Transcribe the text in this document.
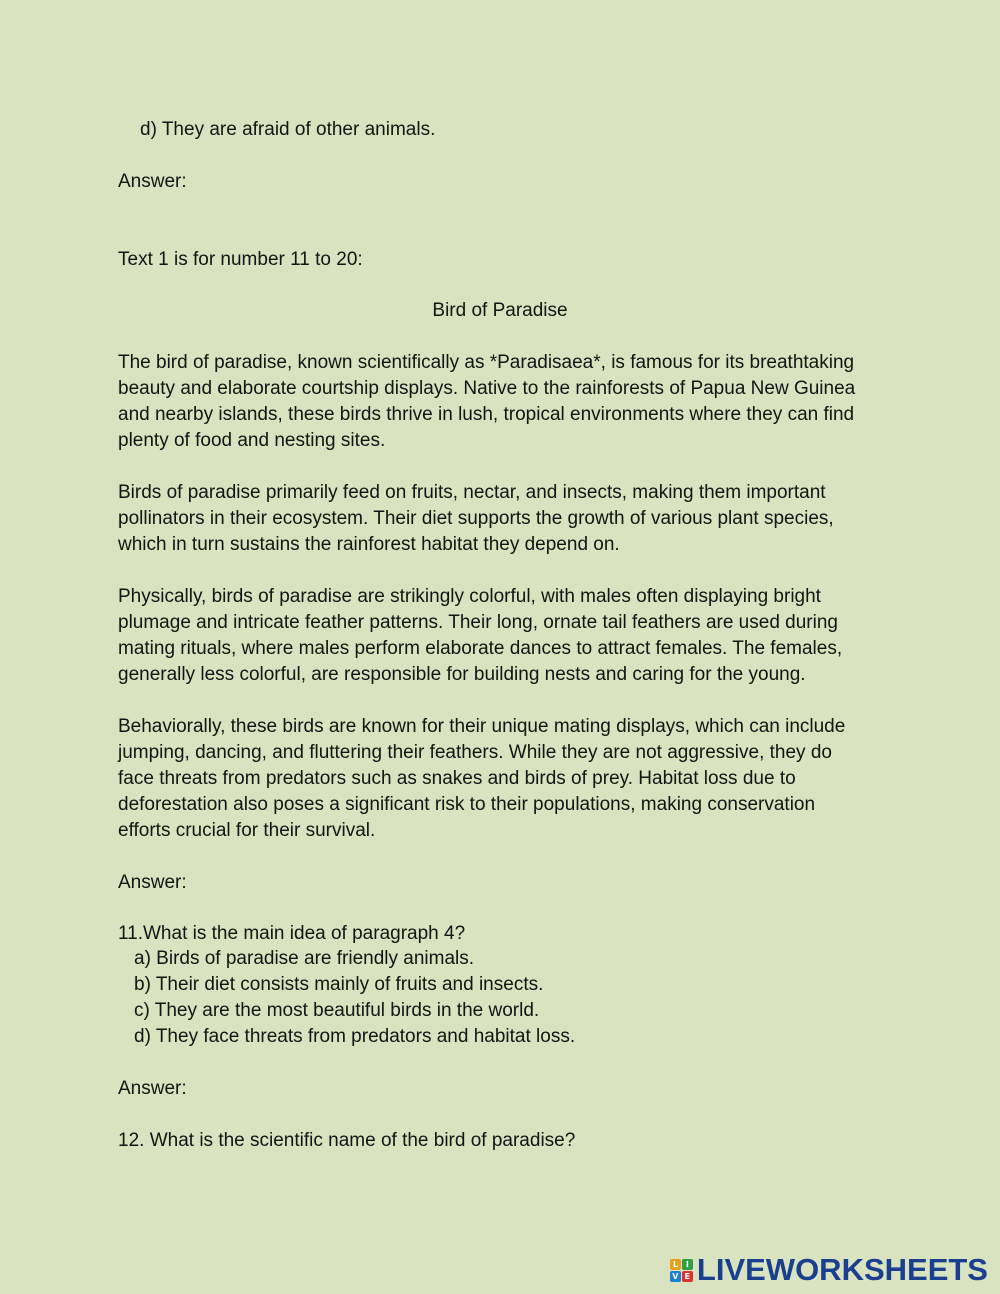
d) They are afraid of other animals.
Answer:
Text 1 is for number 11 to 20:
Bird of Paradise
The bird of paradise, known scientifically as *Paradisaea*, is famous for its breathtaking
beauty and elaborate courtship displays. Native to the rainforests of Papua New Guinea
and nearby islands, these birds thrive in lush, tropical environments where they can find
plenty of food and nesting sites.
Birds of paradise primarily feed on fruits, nectar, and insects, making them important
pollinators in their ecosystem. Their diet supports the growth of various plant species,
which in turn sustains the rainforest habitat they depend on.
Physically, birds of paradise are strikingly colorful, with males often displaying bright
plumage and intricate feather patterns. Their long, ornate tail feathers are used during
mating rituals, where males perform elaborate dances to attract females. The females,
generally less colorful, are responsible for building nests and caring for the young.
Behaviorally, these birds are known for their unique mating displays, which can include
jumping, dancing, and fluttering their feathers. While they are not aggressive, they do
face threats from predators such as snakes and birds of prey. Habitat loss due to
deforestation also poses a significant risk to their populations, making conservation
efforts crucial for their survival.
Answer:
11.What is the main idea of paragraph 4?
a) Birds of paradise are friendly animals.
b) Their diet consists mainly of fruits and insects.
c) They are the most beautiful birds in the world.
d) They face threats from predators and habitat loss.
Answer:
12. What is the scientific name of the bird of paradise?
L I
V E LIVEWORKSHEETS
